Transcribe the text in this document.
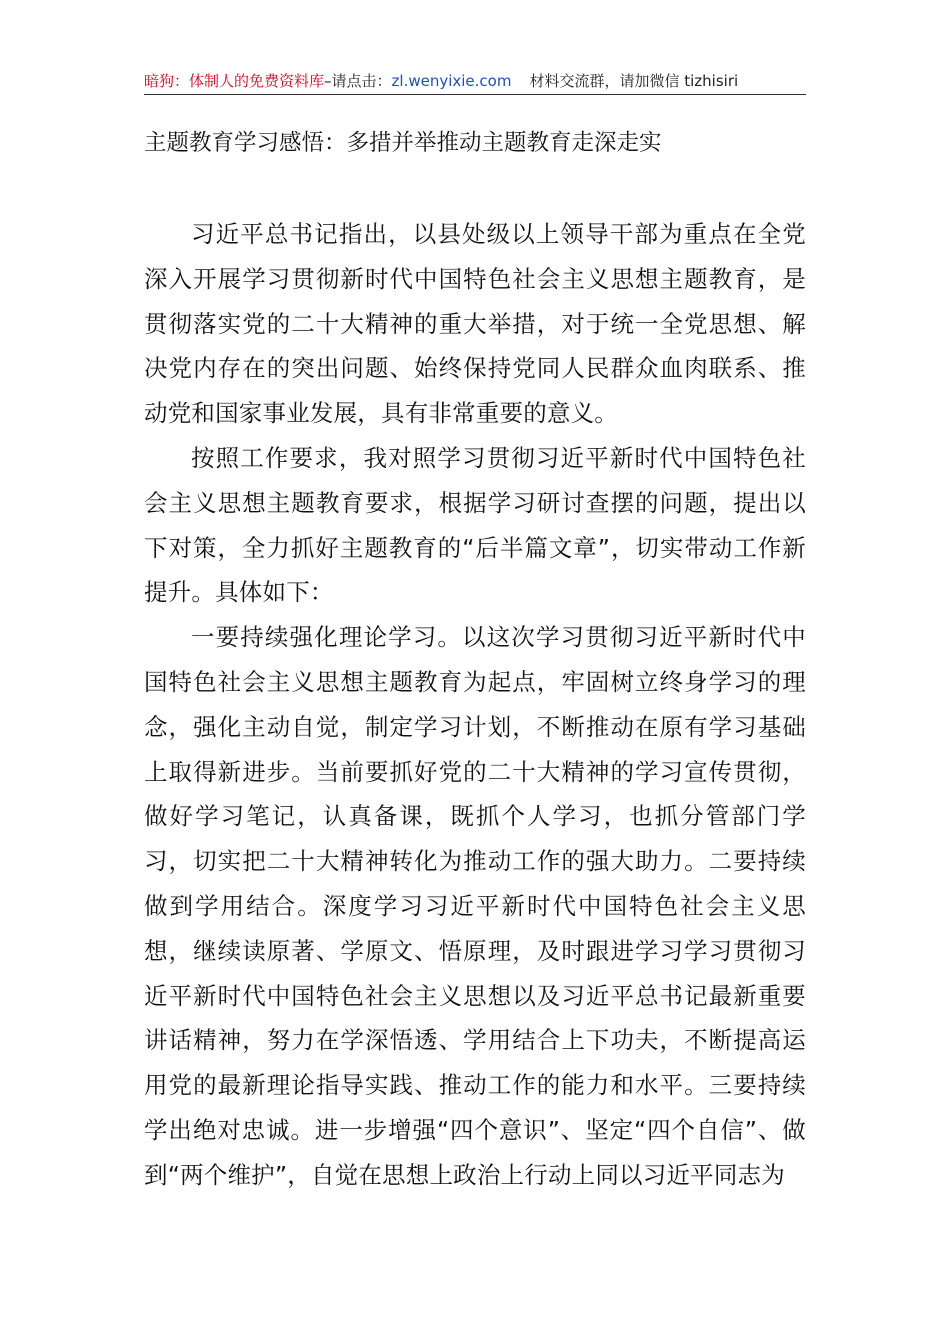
暗狗：体制人的免费资料库–请点击：zl.wenyixie.com 材料交流群，请加微信 tizhisiri
主题教育学习感悟：多措并举推动主题教育走深走实

习近平总书记指出，以县处级以上领导干部为重点在全党深入开展学习贯彻新时代中国特色社会主义思想主题教育，是贯彻落实党的二十大精神的重大举措，对于统一全党思想、解决党内存在的突出问题、始终保持党同人民群众血肉联系、推动党和国家事业发展，具有非常重要的意义。

按照工作要求，我对照学习贯彻习近平新时代中国特色社会主义思想主题教育要求，根据学习研讨查摆的问题，提出以下对策，全力抓好主题教育的“后半篇文章”，切实带动工作新提升。具体如下：

一要持续强化理论学习。以这次学习贯彻习近平新时代中国特色社会主义思想主题教育为起点，牢固树立终身学习的理念，强化主动自觉，制定学习计划，不断推动在原有学习基础上取得新进步。当前要抓好党的二十大精神的学习宣传贯彻，做好学习笔记，认真备课，既抓个人学习，也抓分管部门学习，切实把二十大精神转化为推动工作的强大助力。二要持续做到学用结合。深度学习习近平新时代中国特色社会主义思想，继续读原著、学原文、悟原理，及时跟进学习学习贯彻习近平新时代中国特色社会主义思想以及习近平总书记最新重要讲话精神，努力在学深悟透、学用结合上下功夫，不断提高运用党的最新理论指导实践、推动工作的能力和水平。三要持续学出绝对忠诚。进一步增强“四个意识”、坚定“四个自信”、做到“两个维护”，自觉在思想上政治上行动上同以习近平同志为
